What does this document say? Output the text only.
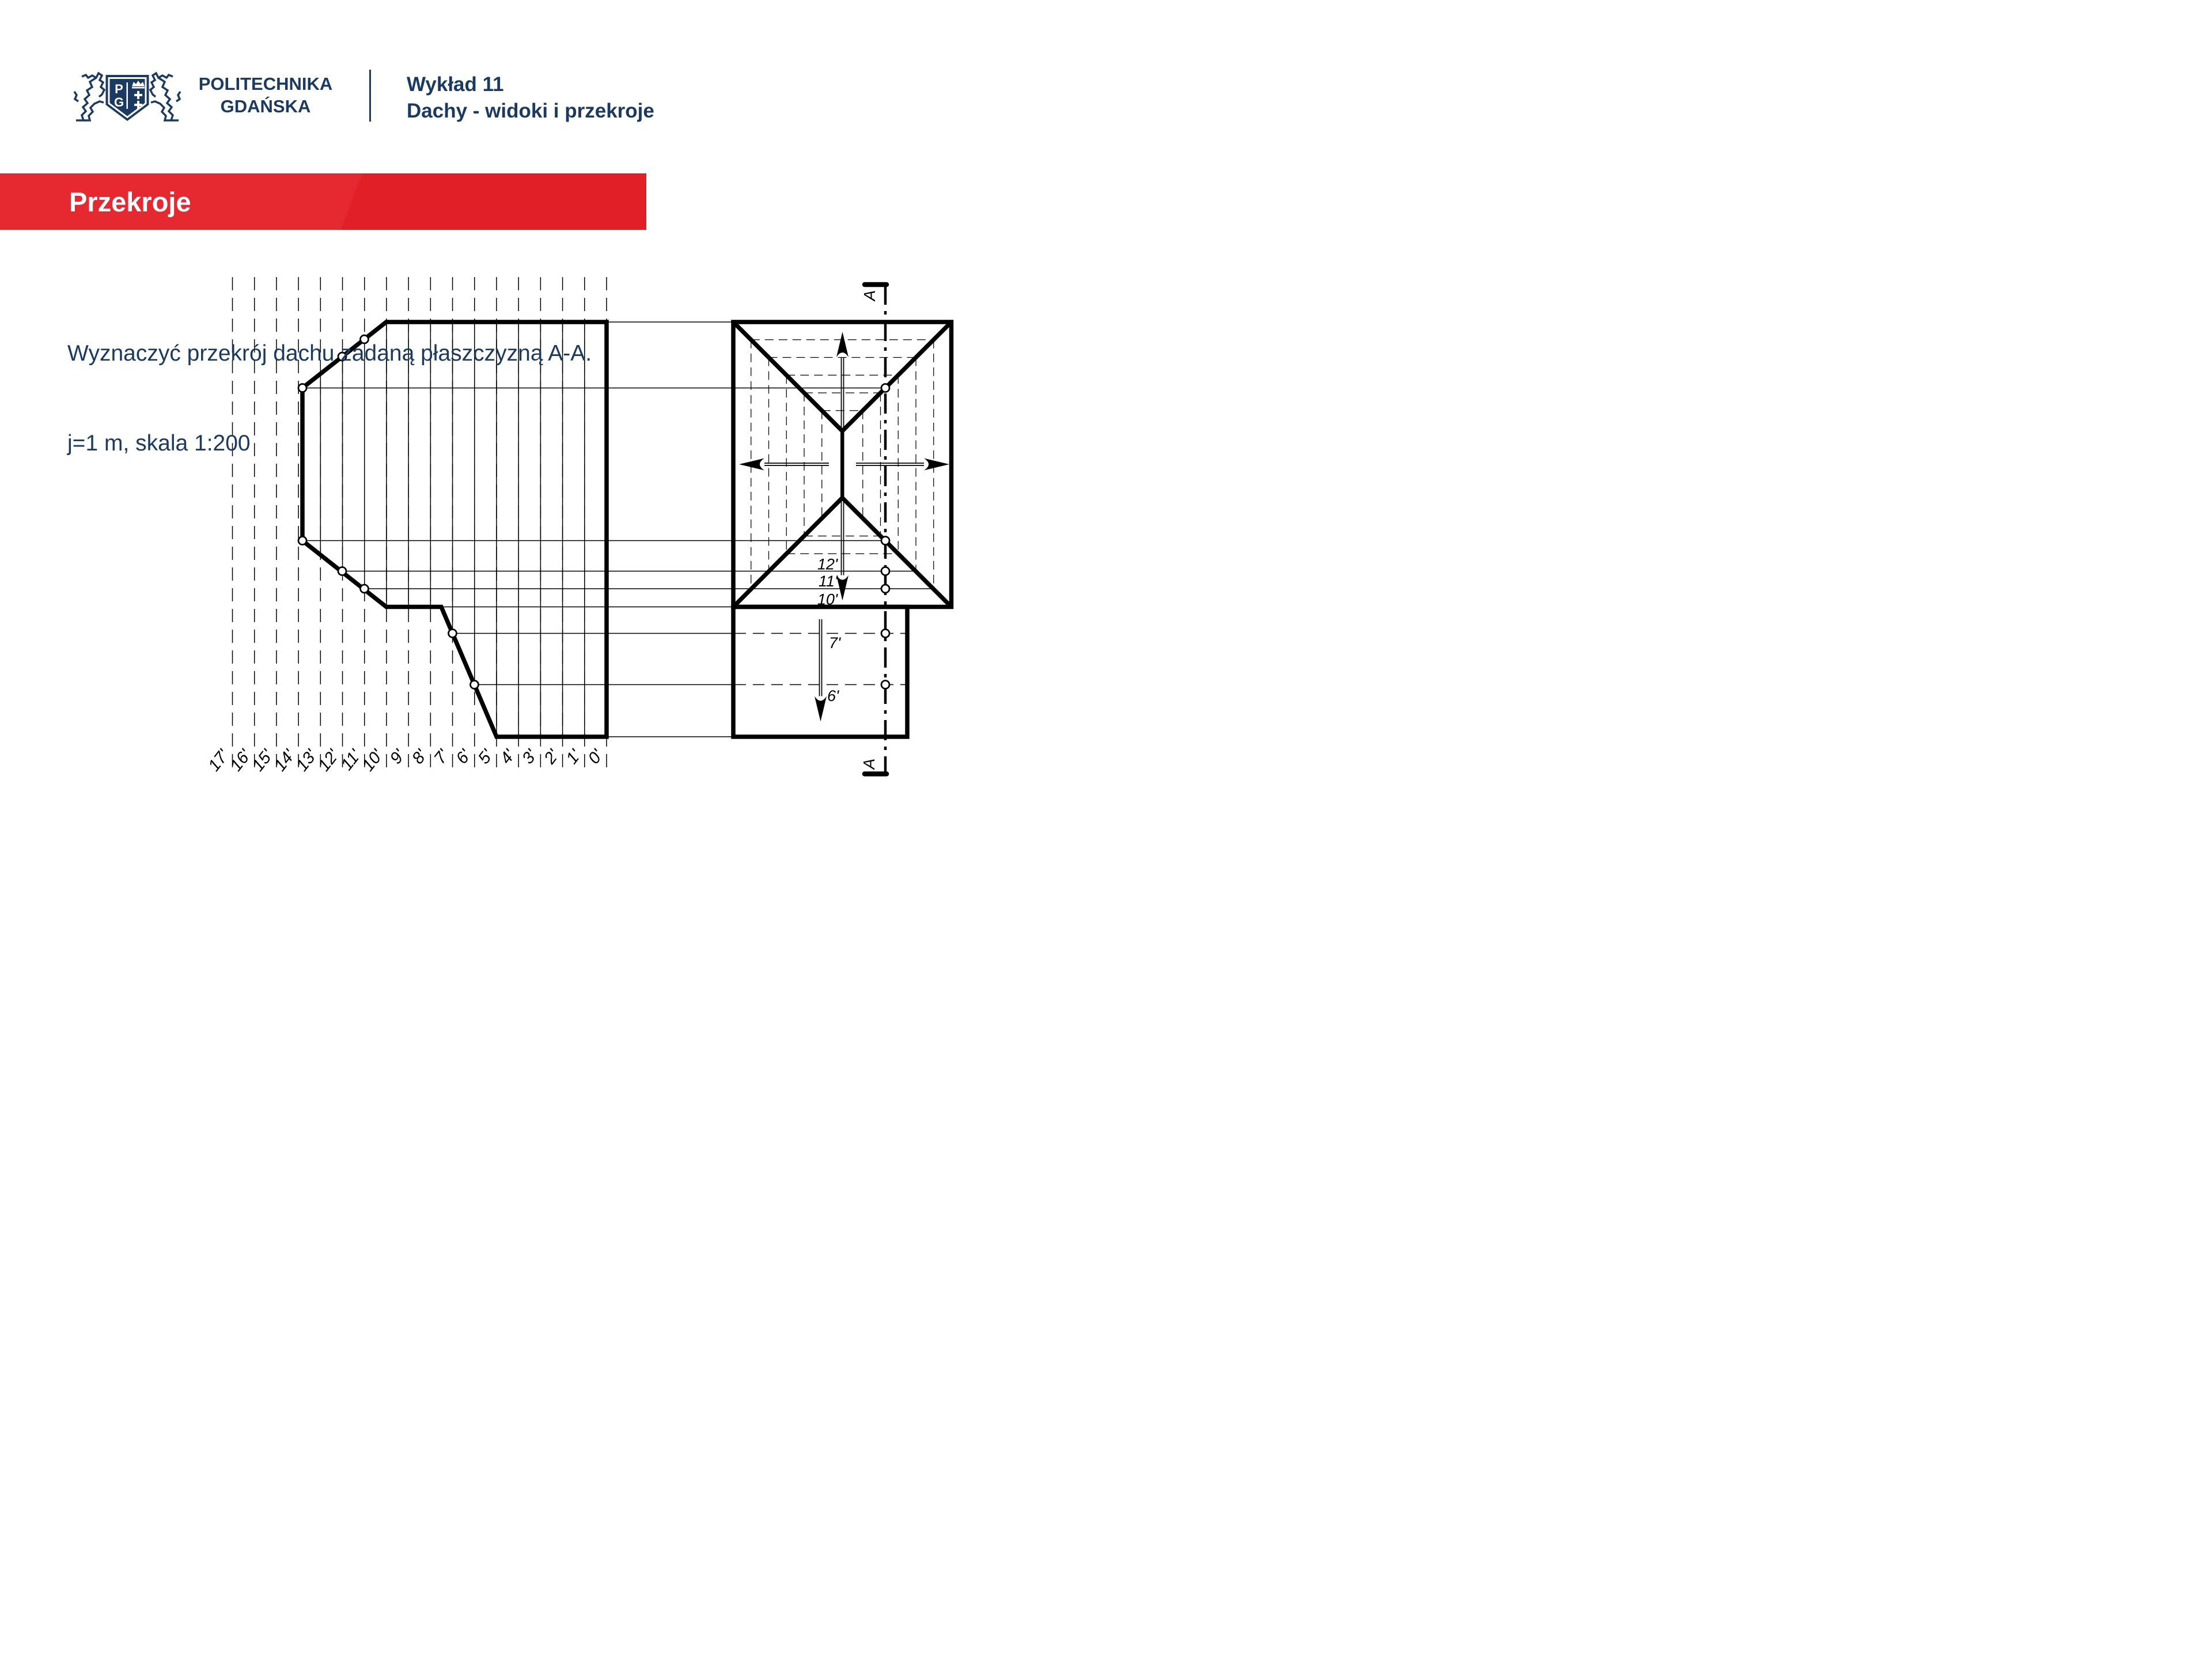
P
G
POLITECHNIKA
GDAŃSKA
Wykład 11
Dachy - widoki i przekroje
Przekroje
A
A
17'
16'
15'
14'
13'
12'
11'
10' 9' 8' 7' 6' 5' 4' 3' 2' 1' 0'
12'
11'
10'
7'
6'

Wyznaczyć przekrój dachu zadaną płaszczyzną A-A.

j=1 m, skala 1:200
